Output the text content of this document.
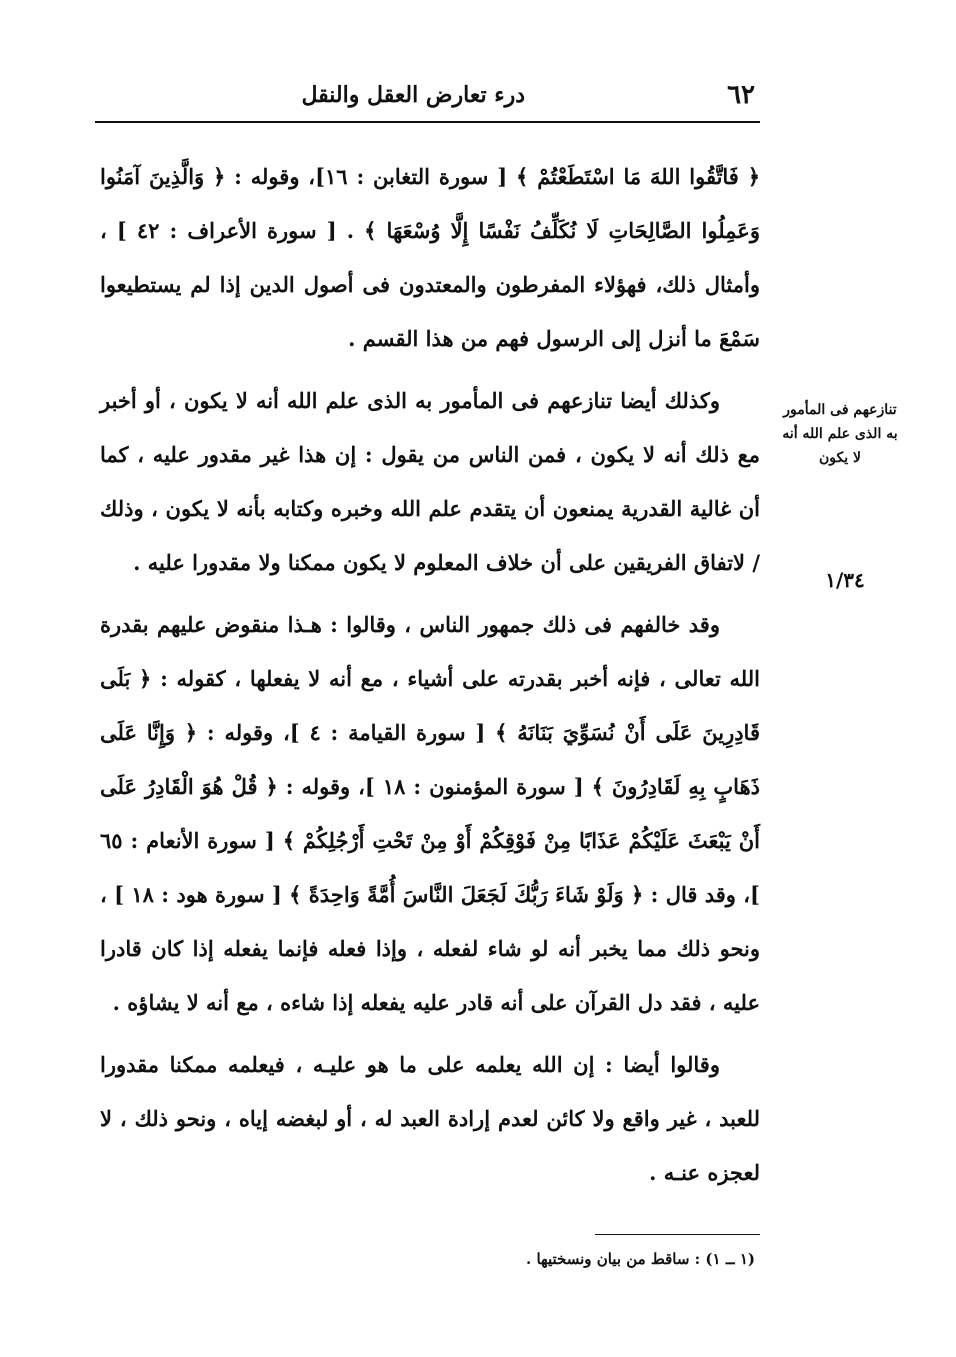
٦٢
درء تعارض العقل والنقل

﴿ فَاتَّقُوا اللهَ مَا اسْتَطَعْتُمْ ﴾ [ سورة التغابن : ١٦]، وقوله : ﴿ وَالَّذِينَ آمَنُوا وَعَمِلُوا الصَّالِحَاتِ لَا نُكَلِّفُ نَفْسًا إِلَّا وُسْعَهَا ﴾ . [ سورة الأعراف : ٤٢ ] ، وأمثال ذلك، فهؤلاء المفرطون والمعتدون فى أصول الدين إذا لم يستطيعوا سَمْعَ ما أنزل إلى الرسول فهم من هذا القسم .

وكذلك أيضا تنازعهم فى المأمور به الذى علم الله أنه لا يكون ، أو أخبر مع ذلك أنه لا يكون ، فمن الناس من يقول : إن هذا غير مقدور عليه ، كما أن غالية القدرية يمنعون أن يتقدم علم الله وخبره وكتابه بأنه لا يكون ، وذلك / لاتفاق الفريقين على أن خلاف المعلوم لا يكون ممكنا ولا مقدورا عليه .

وقد خالفهم فى ذلك جمهور الناس ، وقالوا : هـذا منقوض عليهم بقدرة الله تعالى ، فإنه أخبر بقدرته على أشياء ، مع أنه لا يفعلها ، كقوله : ﴿ بَلَى قَادِرِينَ عَلَى أَنْ نُسَوِّيَ بَنَانَهُ ﴾ [ سورة القيامة : ٤ ]، وقوله : ﴿ وَإِنَّا عَلَى ذَهَابٍ بِهِ لَقَادِرُونَ ﴾ [ سورة المؤمنون : ١٨ ]، وقوله : ﴿ قُلْ هُوَ الْقَادِرُ عَلَى أَنْ يَبْعَثَ عَلَيْكُمْ عَذَابًا مِنْ فَوْقِكُمْ أَوْ مِنْ تَحْتِ أَرْجُلِكُمْ ﴾ [ سورة الأنعام : ٦٥ ]، وقد قال : ﴿ وَلَوْ شَاءَ رَبُّكَ لَجَعَلَ النَّاسَ أُمَّةً وَاحِدَةً ﴾ [ سورة هود : ١٨ ] ، ونحو ذلك مما يخبر أنه لو شاء لفعله ، وإذا فعله فإنما يفعله إذا كان قادرا عليه ، فقد دل القرآن على أنه قادر عليه يفعله إذا شاءه ، مع أنه لا يشاؤه .

وقالوا أيضا : إن الله يعلمه على ما هو عليـه ، فيعلمه ممكنا مقدورا للعبد ، غير واقع ولا كائن لعدم إرادة العبد له ، أو لبغضه إياه ، ونحو ذلك ، لا لعجزه عنـه .

تنازعهم فى المأمور به الذى علم الله أنه لا يكون
١/٣٤
(١ ــ ١) : ساقط من بيان ونسختيها .
